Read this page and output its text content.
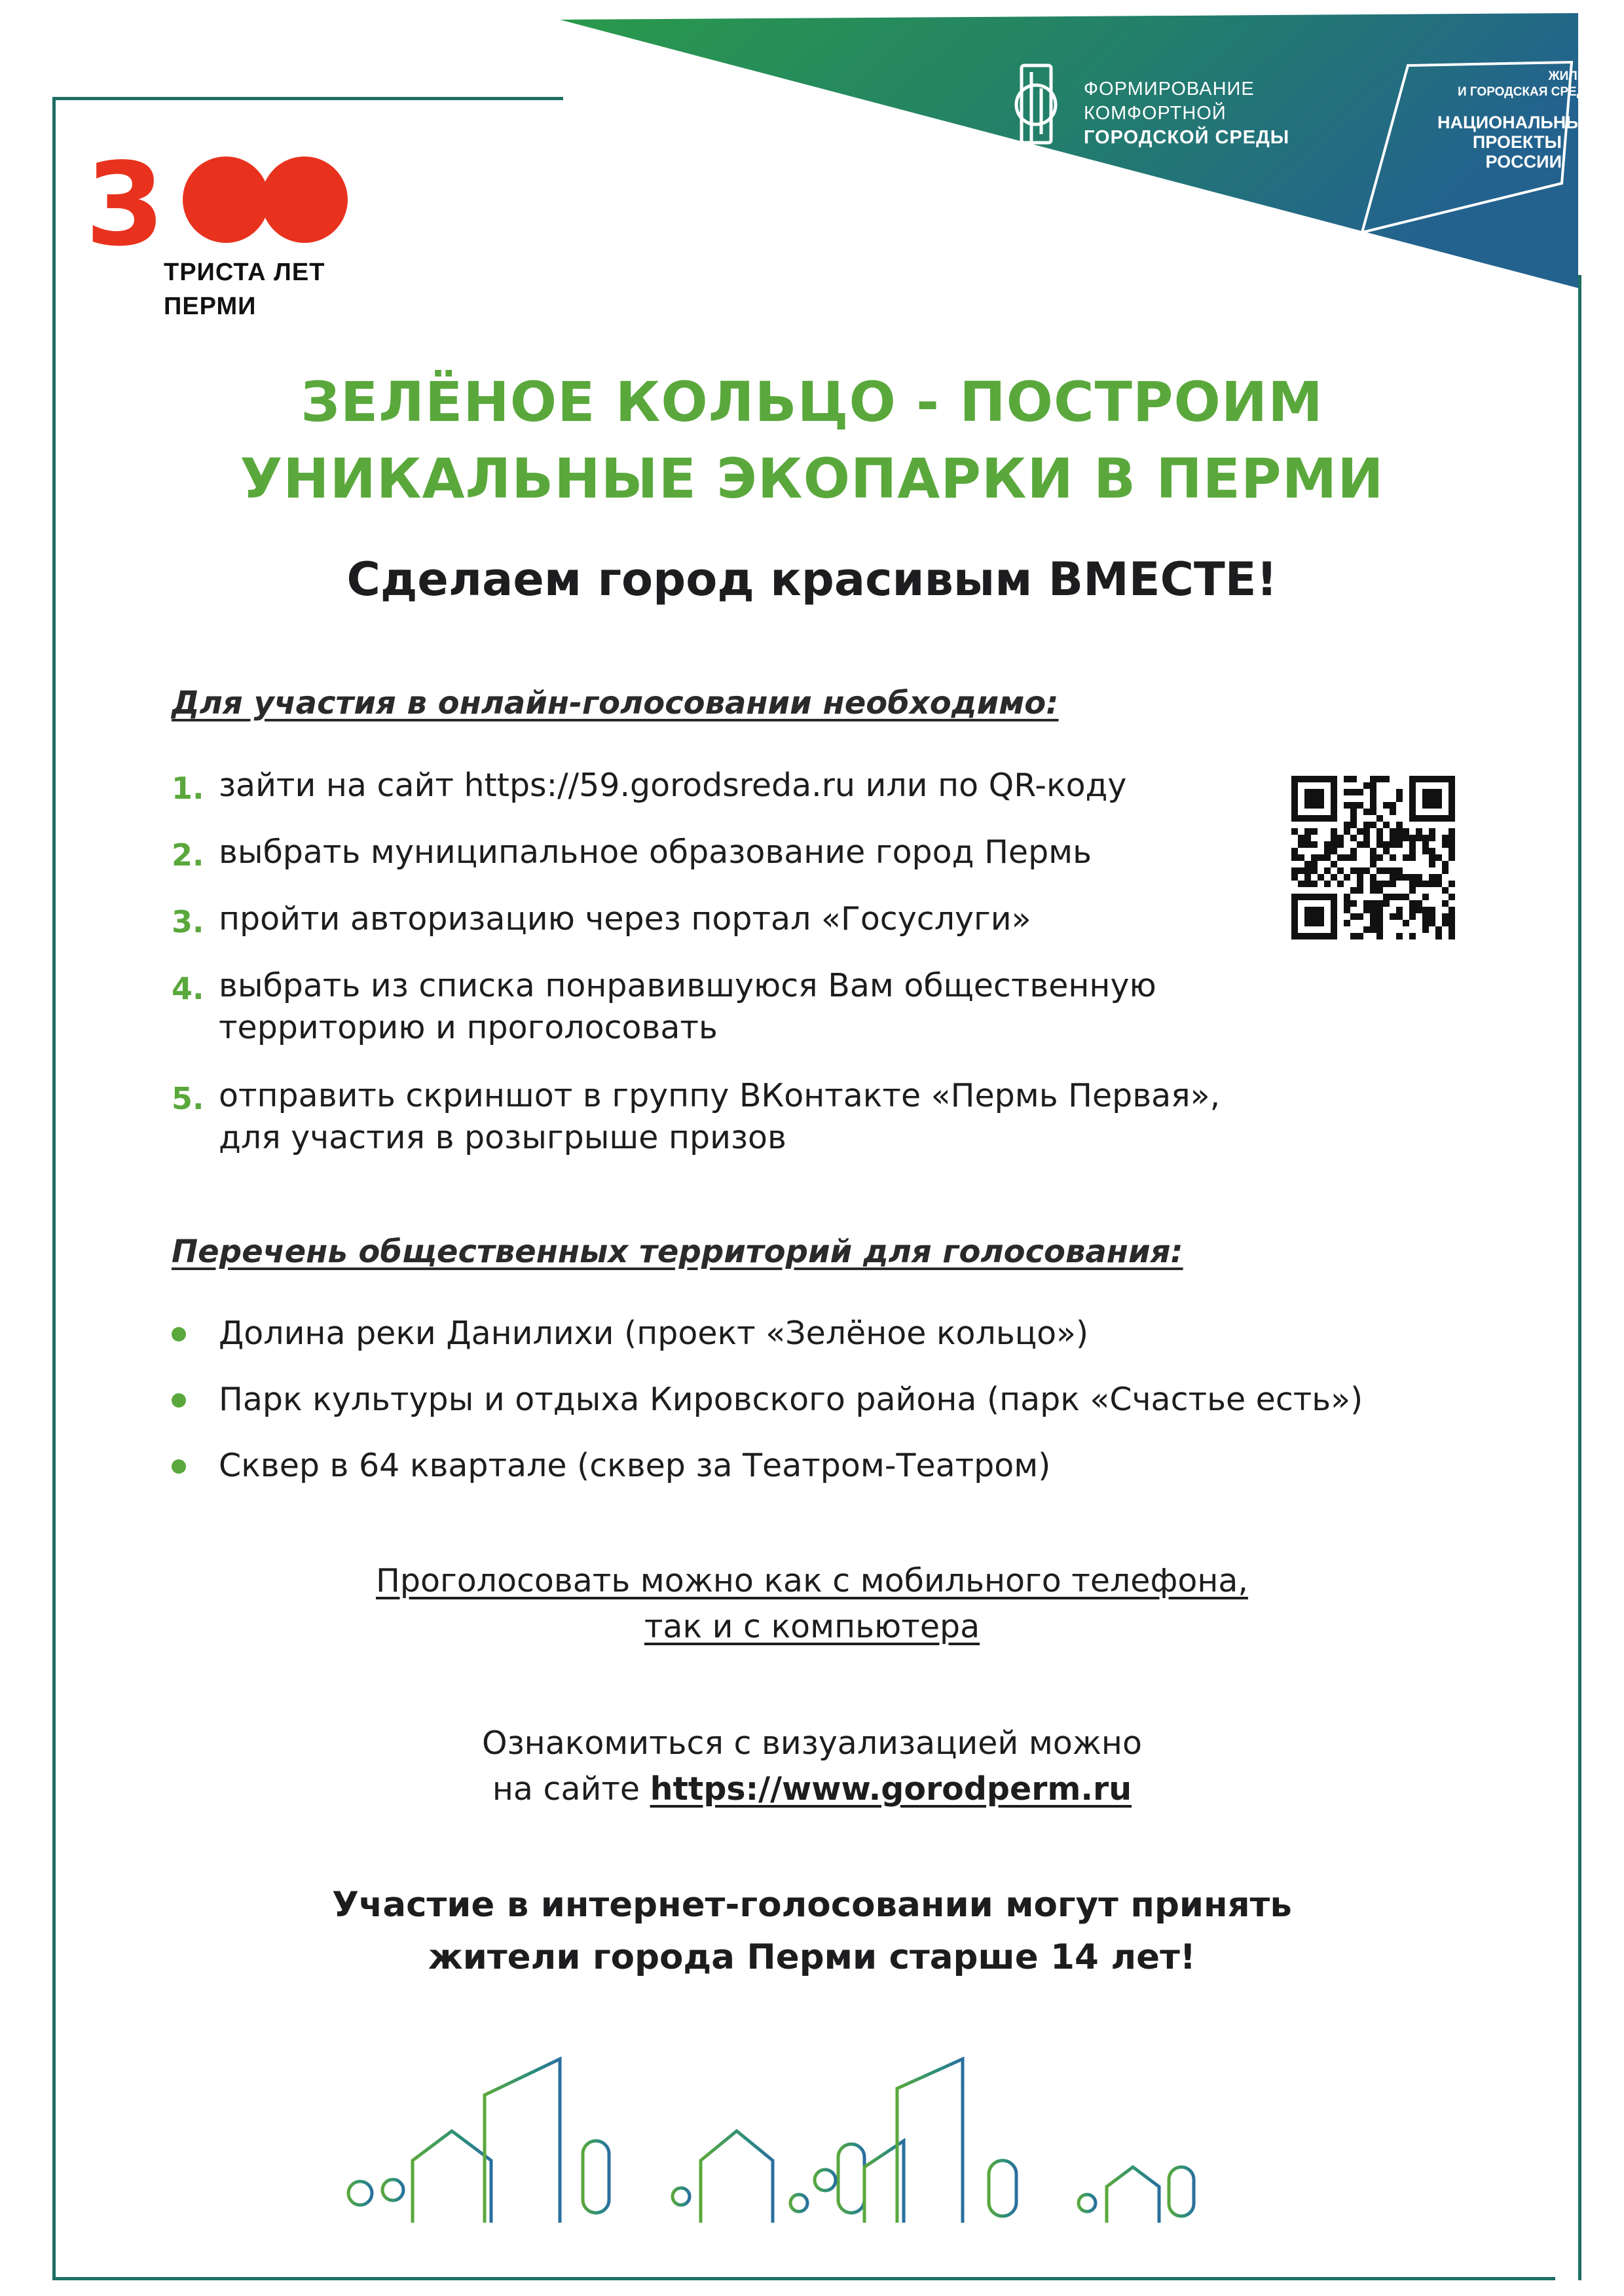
ФОРМИРОВАНИЕ
КОМФОРТНОЙ
ГОРОДСКОЙ СРЕДЫ
ЖИЛЬЕ
И ГОРОДСКАЯ СРЕДА
НАЦИОНАЛЬНЫЕ
ПРОЕКТЫ
РОССИИ
3
ТРИСТА ЛЕТ
ПЕРМИ
ЗЕЛЁНОЕ КОЛЬЦО - ПОСТРОИМ
УНИКАЛЬНЫЕ ЭКОПАРКИ В ПЕРМИ
Сделаем город красивым ВМЕСТЕ!
Для участия в онлайн-голосовании необходимо:
1. зайти на сайт https://59.gorodsreda.ru или по QR-коду
2. выбрать муниципальное образование город Пермь
3. пройти авторизацию через портал «Госуслуги»
4. выбрать из списка понравившуюся Вам общественную
территорию и проголосовать
5. отправить скриншот в группу ВКонтакте «Пермь Первая»,
для участия в розыгрыше призов
Перечень общественных территорий для голосования:
Долина реки Данилихи (проект «Зелёное кольцо»)
Парк культуры и отдыха Кировского района (парк «Счастье есть»)
Сквер в 64 квартале (сквер за Театром-Театром)
Проголосовать можно как с мобильного телефона,
так и с компьютера
Ознакомиться с визуализацией можно
на сайте https://www.gorodperm.ru
Участие в интернет-голосовании могут принять
жители города Перми старше 14 лет!
